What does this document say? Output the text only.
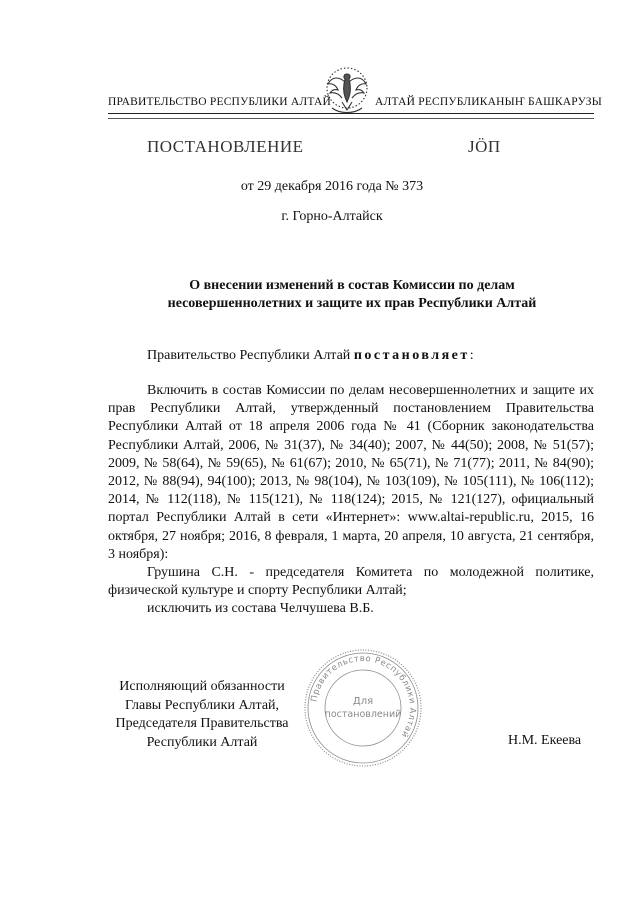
ПРАВИТЕЛЬСТВО РЕСПУБЛИКИ АЛТАЙ	АЛТАЙ РЕСПУБЛИКАНЫҤ БАШКАРУЗЫ
ПОСТАНОВЛЕНИЕ	JӦП
от 29 декабря 2016 года № 373
г. Горно-Алтайск
О внесении изменений в состав Комиссии по делам
несовершеннолетних и защите их прав Республики Алтай
Правительство Республики Алтай постановляет:

Включить в состав Комиссии по делам несовершеннолетних и защите их прав Республики Алтай, утвержденный постановлением Правительства Республики Алтай от 18 апреля 2006 года № 41 (Сборник законодательства Республики Алтай, 2006, № 31(37), № 34(40); 2007, № 44(50); 2008, № 51(57); 2009, № 58(64), № 59(65), № 61(67); 2010, № 65(71), № 71(77); 2011, № 84(90); 2012, № 88(94), 94(100); 2013, № 98(104), № 103(109), № 105(111), № 106(112); 2014, № 112(118), № 115(121), № 118(124); 2015, № 121(127), официальный портал Республики Алтай в сети «Интернет»: www.altai-republic.ru, 2015, 16 октября, 27 ноября; 2016, 8 февраля, 1 марта, 20 апреля, 10 августа, 21 сентября, 3 ноября):

Грушина С.Н. - председателя Комитета по молодежной политике, физической культуре и спорту Республики Алтай;

исключить из состава Челчушева В.Б.

Правительство Республики Алтай
Для
постановлений
Исполняющий обязанности
Главы Республики Алтай,
Председателя Правительства
Республики Алтай	Н.М. Екеева
